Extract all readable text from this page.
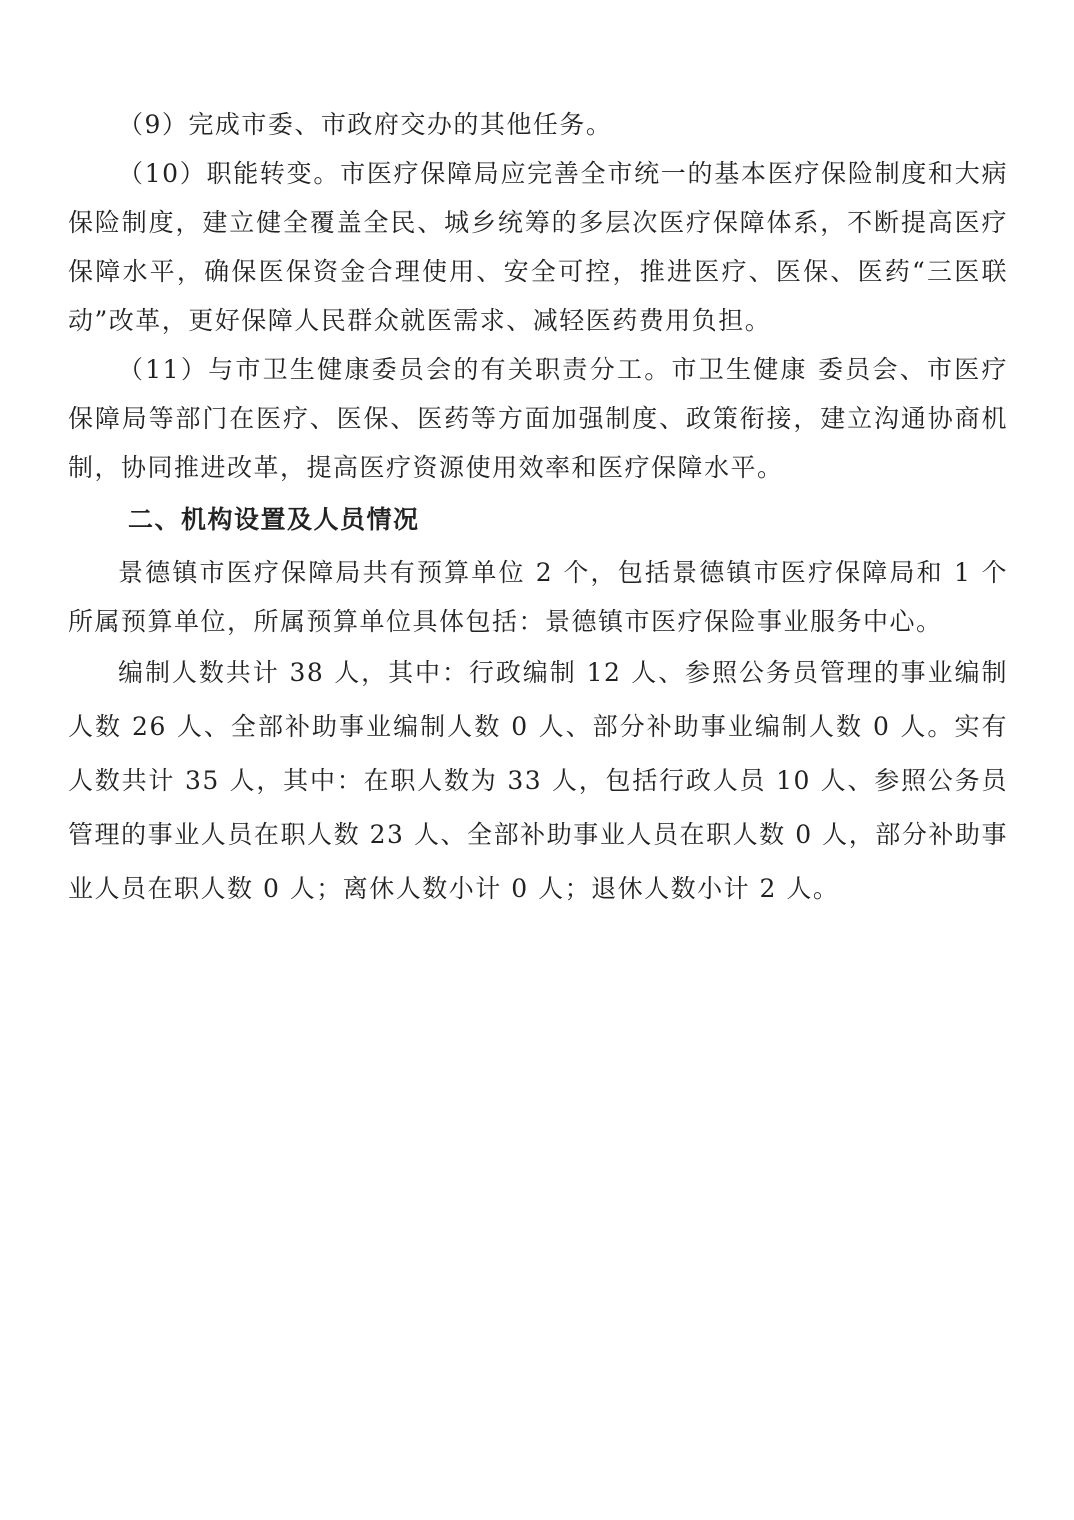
（9）完成市委、市政府交办的其他任务。

（10）职能转变。市医疗保障局应完善全市统一的基本医疗保险制度和大病保险制度，建立健全覆盖全民、城乡统筹的多层次医疗保障体系，不断提高医疗保障水平，确保医保资金合理使用、安全可控，推进医疗、医保、医药“三医联动”改革，更好保障人民群众就医需求、减轻医药费用负担。

（11）与市卫生健康委员会的有关职责分工。市卫生健康 委员会、市医疗保障局等部门在医疗、医保、医药等方面加强制度、政策衔接，建立沟通协商机制，协同推进改革，提高医疗资源使用效率和医疗保障水平。

二、机构设置及人员情况

景德镇市医疗保障局共有预算单位 2 个，包括景德镇市医疗保障局和 1 个所属预算单位，所属预算单位具体包括：景德镇市医疗保险事业服务中心。

编制人数共计 38 人，其中：行政编制 12 人、参照公务员管理的事业编制人数 26 人、全部补助事业编制人数 0 人、部分补助事业编制人数 0 人。实有人数共计 35 人，其中：在职人数为 33 人，包括行政人员 10 人、参照公务员管理的事业人员在职人数 23 人、全部补助事业人员在职人数 0 人，部分补助事业人员在职人数 0 人；离休人数小计 0 人；退休人数小计 2 人。
